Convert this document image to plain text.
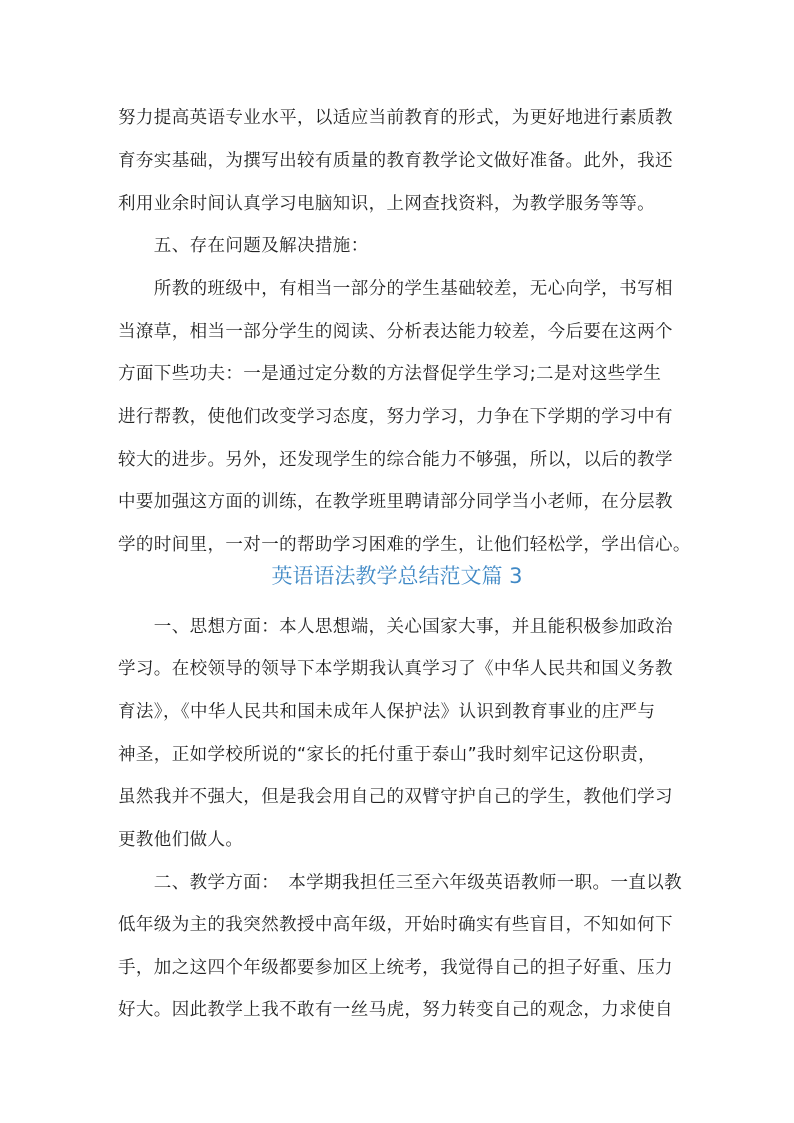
努力提高英语专业水平，以适应当前教育的形式，为更好地进行素质教
育夯实基础，为撰写出较有质量的教育教学论文做好准备。此外，我还
利用业余时间认真学习电脑知识，上网查找资料，为教学服务等等。
　　五、存在问题及解决措施：
　　所教的班级中，有相当一部分的学生基础较差，无心向学，书写相
当潦草，相当一部分学生的阅读、分析表达能力较差，今后要在这两个
方面下些功夫：一是通过定分数的方法督促学生学习;二是对这些学生
进行帮教，使他们改变学习态度，努力学习，力争在下学期的学习中有
较大的进步。另外，还发现学生的综合能力不够强，所以，以后的教学
中要加强这方面的训练，在教学班里聘请部分同学当小老师，在分层教
学的时间里，一对一的帮助学习困难的学生，让他们轻松学，学出信心。
英语语法教学总结范文篇 3
　　一、思想方面：本人思想端，关心国家大事，并且能积极参加政治
学习。在校领导的领导下本学期我认真学习了《中华人民共和国义务教
育法》，《中华人民共和国未成年人保护法》认识到教育事业的庄严与
神圣，正如学校所说的“家长的托付重于泰山”我时刻牢记这份职责，
虽然我并不强大，但是我会用自己的双臂守护自己的学生，教他们学习
更教他们做人。
　　二、教学方面：　本学期我担任三至六年级英语教师一职。一直以教
低年级为主的我突然教授中高年级，开始时确实有些盲目，不知如何下
手，加之这四个年级都要参加区上统考，我觉得自己的担子好重、压力
好大。因此教学上我不敢有一丝马虎，努力转变自己的观念，力求使自
